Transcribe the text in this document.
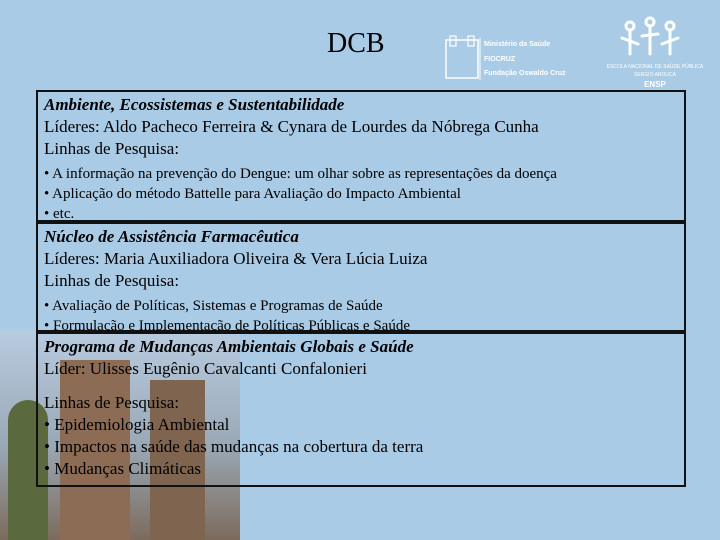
DCB	Ministério da Saúde
FIOCRUZ
Fundação Oswaldo Cruz
ESCOLA NACIONAL DE SAÚDE PÚBLICA
SERGIO AROUCA
ENSP
Ambiente, Ecossistemas e Sustentabilidade
Líderes: Aldo Pacheco Ferreira & Cynara de Lourdes da Nóbrega Cunha
Linhas de Pesquisa:
• A informação na prevenção do Dengue: um olhar sobre as representações da doença
• Aplicação do método Battelle para Avaliação do Impacto Ambiental
• etc.
Núcleo de Assistência Farmacêutica
Líderes: Maria Auxiliadora Oliveira & Vera Lúcia Luiza
Linhas de Pesquisa:
• Avaliação de Políticas, Sistemas e Programas de Saúde
• Formulação e Implementação de Políticas Públicas e Saúde
Programa de Mudanças Ambientais Globais e Saúde
Líder: Ulisses Eugênio Cavalcanti Confalonieri
Linhas de Pesquisa:
• Epidemiologia Ambiental
• Impactos na saúde das mudanças na cobertura da terra
• Mudanças Climáticas
